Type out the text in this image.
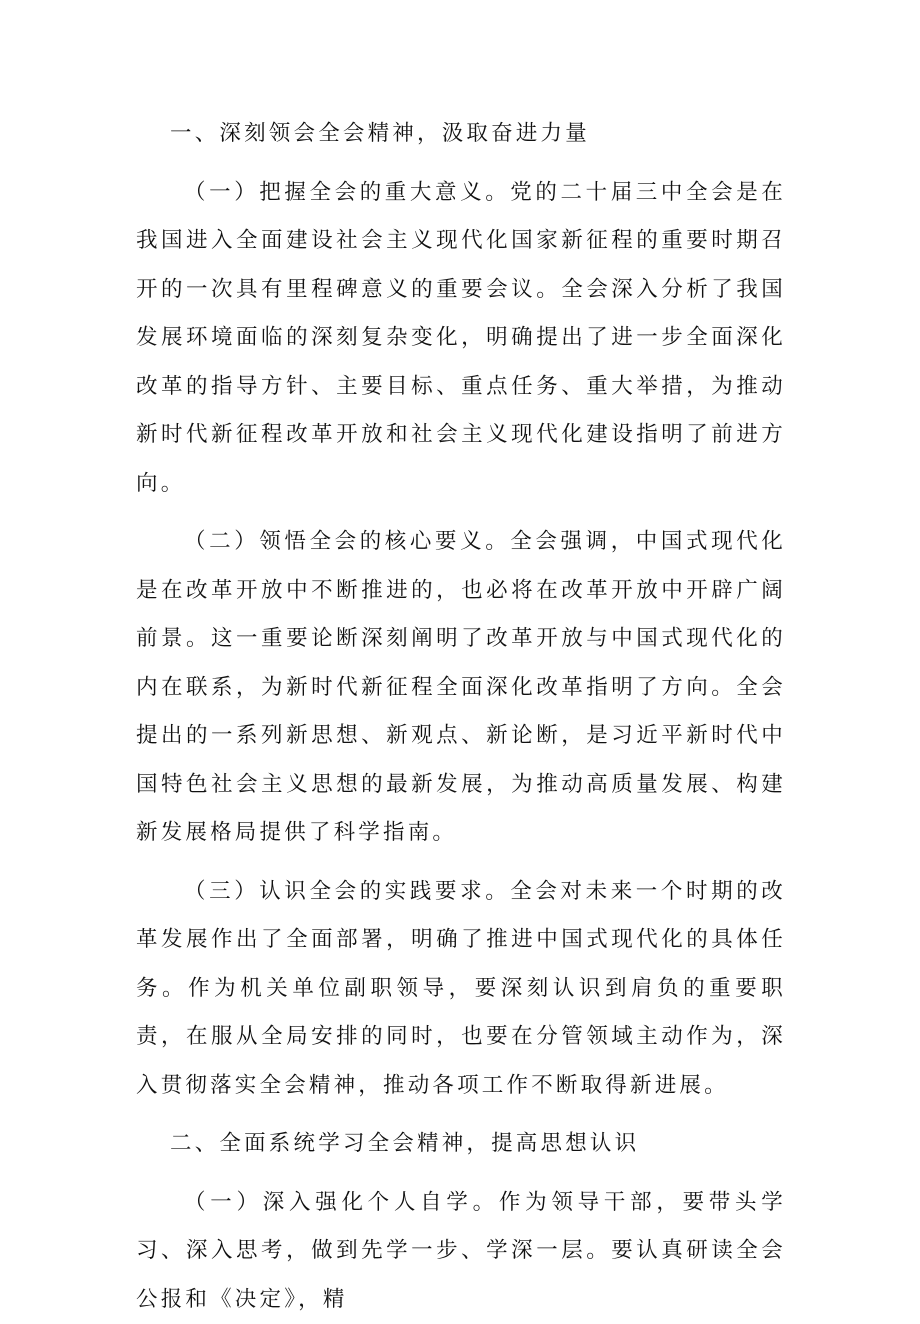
一、深刻领会全会精神，汲取奋进力量

（一）把握全会的重大意义。党的二十届三中全会是在我国进入全面建设社会主义现代化国家新征程的重要时期召开的一次具有里程碑意义的重要会议。全会深入分析了我国发展环境面临的深刻复杂变化，明确提出了进一步全面深化改革的指导方针、主要目标、重点任务、重大举措，为推动新时代新征程改革开放和社会主义现代化建设指明了前进方向。

（二）领悟全会的核心要义。全会强调，中国式现代化是在改革开放中不断推进的，也必将在改革开放中开辟广阔前景。这一重要论断深刻阐明了改革开放与中国式现代化的内在联系，为新时代新征程全面深化改革指明了方向。全会提出的一系列新思想、新观点、新论断，是习近平新时代中国特色社会主义思想的最新发展，为推动高质量发展、构建新发展格局提供了科学指南。

（三）认识全会的实践要求。全会对未来一个时期的改革发展作出了全面部署，明确了推进中国式现代化的具体任务。作为机关单位副职领导，要深刻认识到肩负的重要职责，在服从全局安排的同时，也要在分管领域主动作为，深入贯彻落实全会精神，推动各项工作不断取得新进展。

二、全面系统学习全会精神，提高思想认识

（一）深入强化个人自学。作为领导干部，要带头学习、深入思考，做到先学一步、学深一层。要认真研读全会公报和《决定》，精
